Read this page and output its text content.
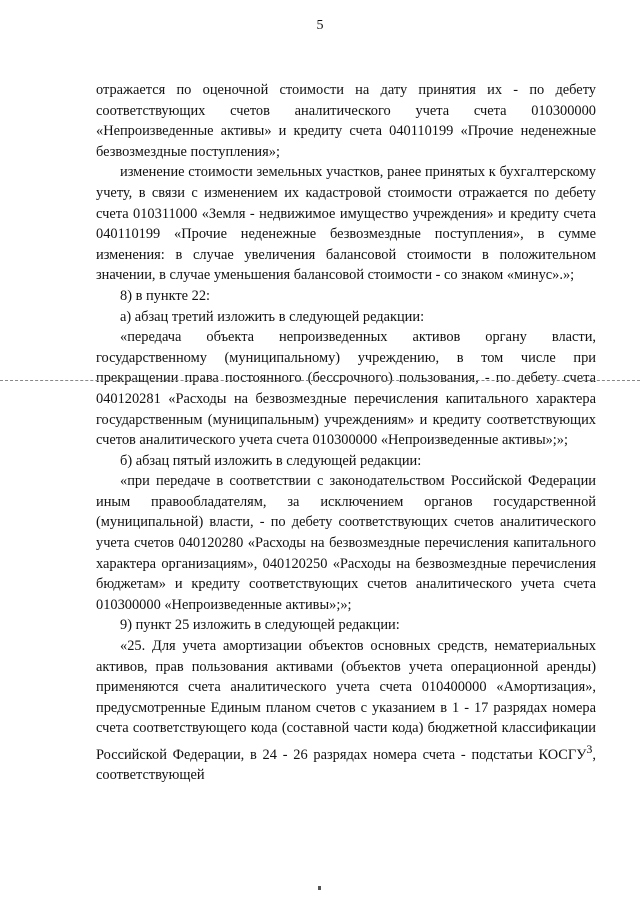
5

отражается по оценочной стоимости на дату принятия их - по дебету соответствующих счетов аналитического учета счета 010300000 «Непроизведенные активы» и кредиту счета 040110199 «Прочие неденежные безвозмездные поступления»;

изменение стоимости земельных участков, ранее принятых к бухгалтерскому учету, в связи с изменением их кадастровой стоимости отражается по дебету счета 010311000 «Земля - недвижимое имущество учреждения» и кредиту счета 040110199 «Прочие неденежные безвозмездные поступления», в сумме изменения: в случае увеличения балансовой стоимости в положительном значении, в случае уменьшения балансовой стоимости - со знаком «минус».»;

8) в пункте 22:

а) абзац третий изложить в следующей редакции:

«передача объекта непроизведенных активов органу власти, государственному (муниципальному) учреждению, в том числе при прекращении права постоянного (бессрочного) пользования, - по дебету счета 040120281 «Расходы на безвозмездные перечисления капитального характера государственным (муниципальным) учреждениям» и кредиту соответствующих счетов аналитического учета счета 010300000 «Непроизведенные активы»;»;

б) абзац пятый изложить в следующей редакции:

«при передаче в соответствии с законодательством Российской Федерации иным правообладателям, за исключением органов государственной (муниципальной) власти, - по дебету соответствующих счетов аналитического учета счетов 040120280 «Расходы на безвозмездные перечисления капитального характера организациям», 040120250 «Расходы на безвозмездные перечисления бюджетам» и кредиту соответствующих счетов аналитического учета счета 010300000 «Непроизведенные активы»;»;

9) пункт 25 изложить в следующей редакции:

«25. Для учета амортизации объектов основных средств, нематериальных активов, прав пользования активами (объектов учета операционной аренды) применяются счета аналитического учета счета 010400000 «Амортизация», предусмотренные Единым планом счетов с указанием в 1 - 17 разрядах номера счета соответствующего кода (составной части кода) бюджетной классификации Российской Федерации, в 24 - 26 разрядах номера счета - подстатьи КОСГУ$^3$, соответствующей
